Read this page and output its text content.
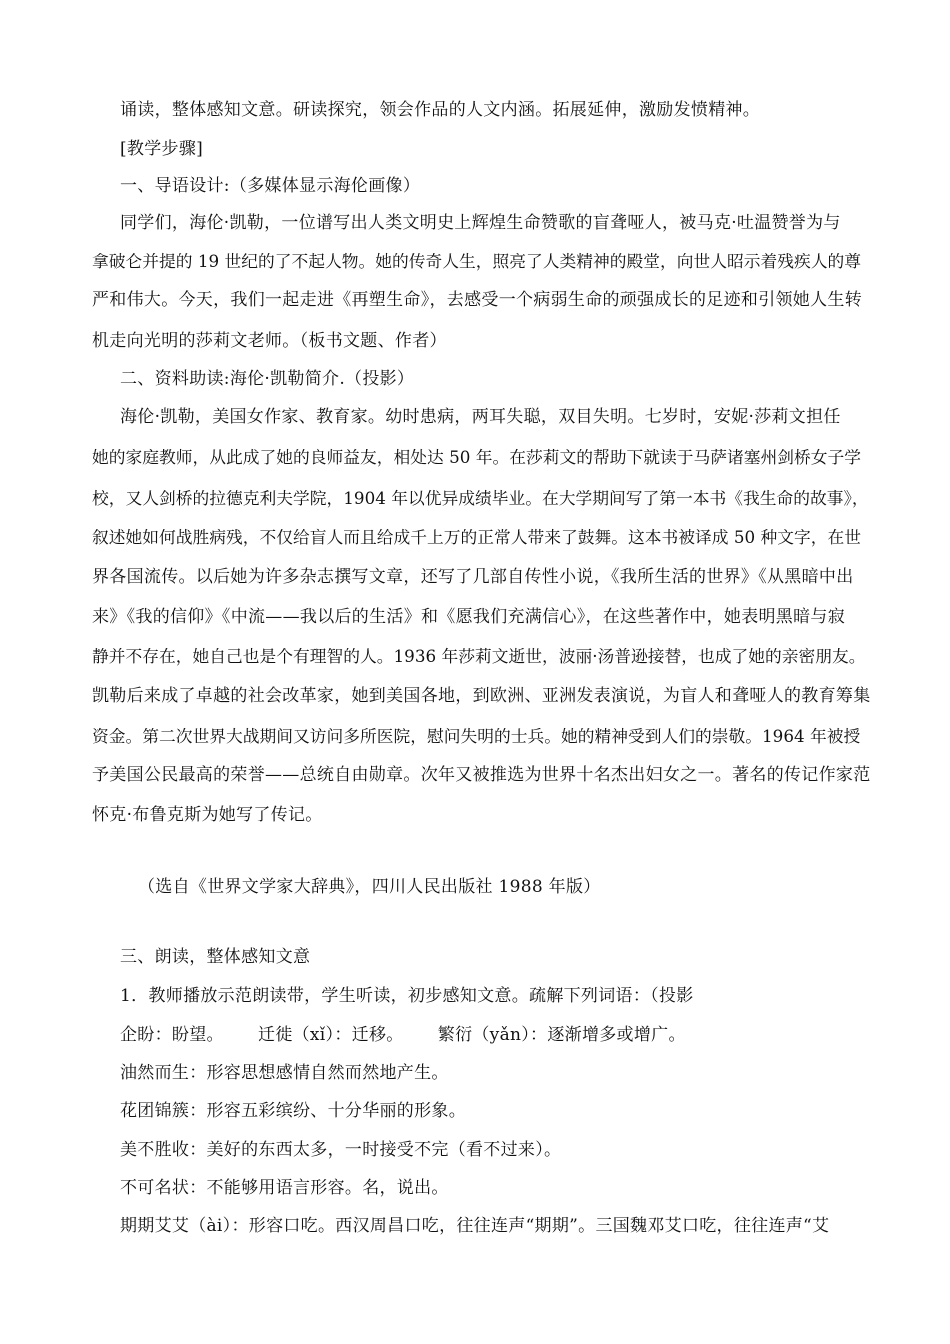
诵读，整体感知文意。研读探究，领会作品的人文内涵。拓展延伸，激励发愤精神。
[教学步骤]
一、导语设计:（多媒体显示海伦画像）
同学们，海伦·凯勒，一位谱写出人类文明史上辉煌生命赞歌的盲聋哑人，被马克·吐温赞誉为与
拿破仑并提的 19 世纪的了不起人物。她的传奇人生，照亮了人类精神的殿堂，向世人昭示着残疾人的尊
严和伟大。今天，我们一起走进《再塑生命》，去感受一个病弱生命的顽强成长的足迹和引领她人生转
机走向光明的莎莉文老师。（板书文题、作者）
二、资料助读:海伦·凯勒简介.（投影）
海伦·凯勒，美国女作家、教育家。幼时患病，两耳失聪，双目失明。七岁时，安妮·莎莉文担任
她的家庭教师，从此成了她的良师益友，相处达 50 年。在莎莉文的帮助下就读于马萨诸塞州剑桥女子学
校，又人剑桥的拉德克利夫学院，1904 年以优异成绩毕业。在大学期间写了第一本书《我生命的故事》，
叙述她如何战胜病残，不仅给盲人而且给成千上万的正常人带来了鼓舞。这本书被译成 50 种文字，在世
界各国流传。以后她为许多杂志撰写文章，还写了几部自传性小说，《我所生活的世界》《从黑暗中出
来》《我的信仰》《中流——我以后的生活》和《愿我们充满信心》，在这些著作中，她表明黑暗与寂
静并不存在，她自己也是个有理智的人。1936 年莎莉文逝世，波丽·汤普逊接替，也成了她的亲密朋友。
凯勒后来成了卓越的社会改革家，她到美国各地，到欧洲、亚洲发表演说，为盲人和聋哑人的教育筹集
资金。第二次世界大战期间又访问多所医院，慰问失明的士兵。她的精神受到人们的崇敬。1964 年被授
予美国公民最高的荣誉——总统自由勋章。次年又被推选为世界十名杰出妇女之一。著名的传记作家范
怀克·布鲁克斯为她写了传记。
（选自《世界文学家大辞典》，四川人民出版社 1988 年版）
三、朗读，整体感知文意
1．教师播放示范朗读带，学生听读，初步感知文意。疏解下列词语：（投影
企盼：盼望。      迁徙（xǐ）：迁移。      繁衍（yǎn）：逐渐增多或增广。
油然而生：形容思想感情自然而然地产生。
花团锦簇：形容五彩缤纷、十分华丽的形象。
美不胜收：美好的东西太多，一时接受不完（看不过来）。
不可名状：不能够用语言形容。名，说出。
期期艾艾（ài）：形容口吃。西汉周昌口吃，往往连声“期期”。三国魏邓艾口吃，往往连声“艾
